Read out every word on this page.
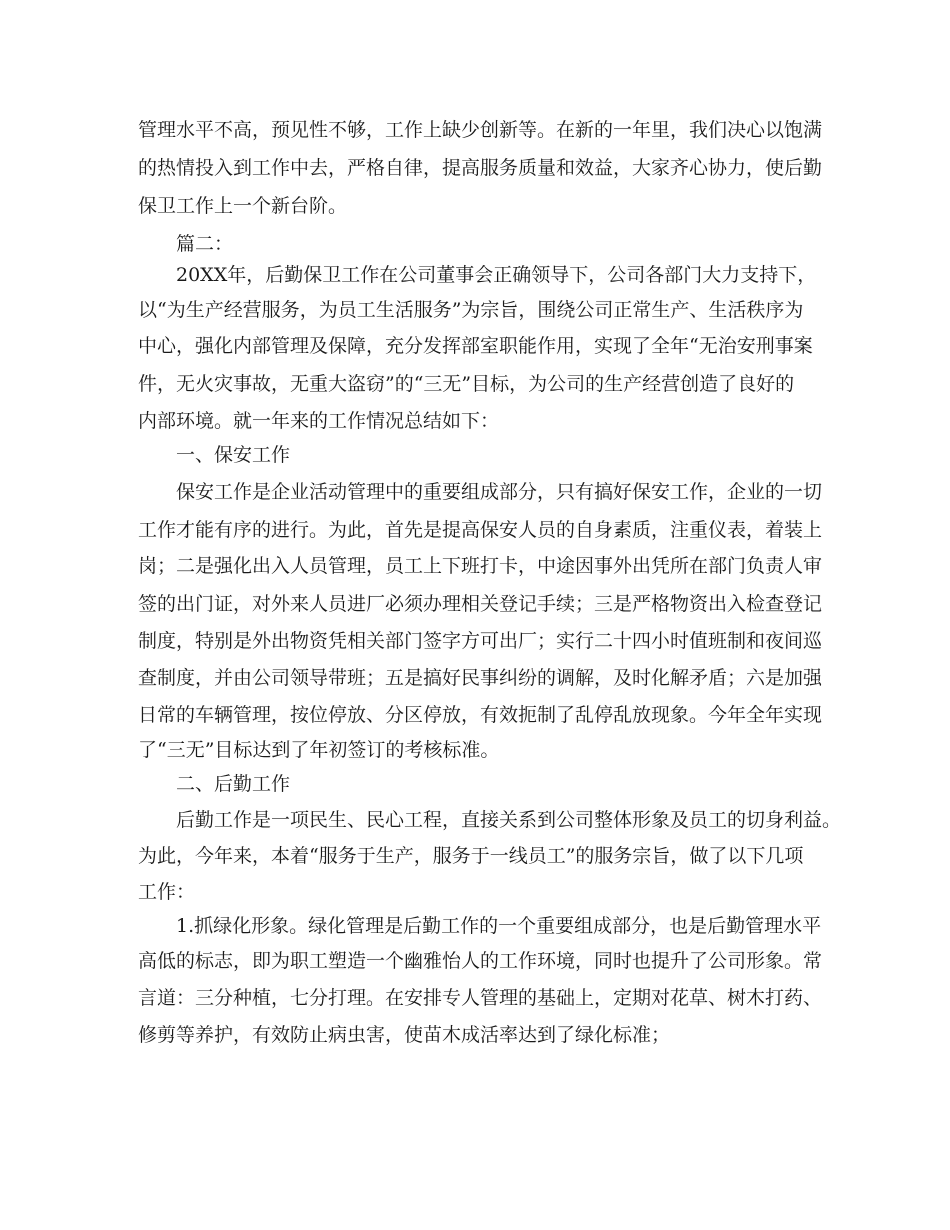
管理水平不高，预见性不够，工作上缺少创新等。在新的一年里，我们决心以饱满

的热情投入到工作中去，严格自律，提高服务质量和效益，大家齐心协力，使后勤

保卫工作上一个新台阶。

篇二：

20XX年，后勤保卫工作在公司董事会正确领导下，公司各部门大力支持下，

以“为生产经营服务，为员工生活服务”为宗旨，围绕公司正常生产、生活秩序为

中心，强化内部管理及保障，充分发挥部室职能作用，实现了全年“无治安刑事案

件，无火灾事故，无重大盗窃”的“三无”目标，为公司的生产经营创造了良好的

内部环境。就一年来的工作情况总结如下：

一、保安工作

保安工作是企业活动管理中的重要组成部分，只有搞好保安工作，企业的一切

工作才能有序的进行。为此，首先是提高保安人员的自身素质，注重仪表，着装上

岗；二是强化出入人员管理，员工上下班打卡，中途因事外出凭所在部门负责人审

签的出门证，对外来人员进厂必须办理相关登记手续；三是严格物资出入检查登记

制度，特别是外出物资凭相关部门签字方可出厂；实行二十四小时值班制和夜间巡

查制度，并由公司领导带班；五是搞好民事纠纷的调解，及时化解矛盾；六是加强

日常的车辆管理，按位停放、分区停放，有效扼制了乱停乱放现象。今年全年实现

了“三无”目标达到了年初签订的考核标准。

二、后勤工作

后勤工作是一项民生、民心工程，直接关系到公司整体形象及员工的切身利益。

为此，今年来，本着“服务于生产，服务于一线员工”的服务宗旨，做了以下几项

工作：

1.抓绿化形象。绿化管理是后勤工作的一个重要组成部分，也是后勤管理水平

高低的标志，即为职工塑造一个幽雅怡人的工作环境，同时也提升了公司形象。常

言道：三分种植，七分打理。在安排专人管理的基础上，定期对花草、树木打药、

修剪等养护，有效防止病虫害，使苗木成活率达到了绿化标准；
